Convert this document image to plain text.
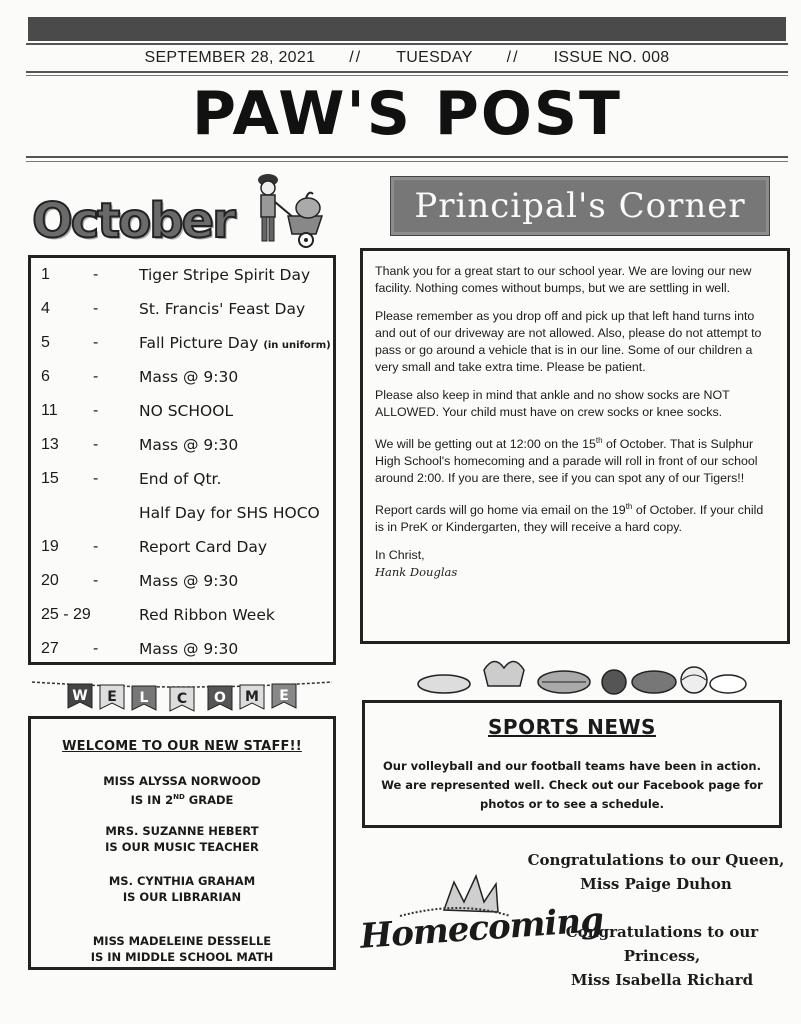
SEPTEMBER 28, 2021 // TUESDAY // ISSUE NO. 008
PAW'S POST
October
1	-	Tiger Stripe Spirit Day
4	-	St. Francis' Feast Day
5	-	Fall Picture Day (in uniform)
6	-	Mass @ 9:30
11 -	NO SCHOOL
13 -	Mass @ 9:30
15 -	End of Qtr.
Half Day for SHS HOCO
19 -	Report Card Day
20 -	Mass @ 9:30
25 - 29	Red Ribbon Week
27 -	Mass @ 9:30
W E L C O M E
WELCOME TO OUR NEW STAFF!!
MISS ALYSSA NORWOOD
IS IN 2ND GRADE
MRS. SUZANNE HEBERT
IS OUR MUSIC TEACHER
MS. CYNTHIA GRAHAM
IS OUR LIBRARIAN
MISS MADELEINE DESSELLE
IS IN MIDDLE SCHOOL MATH
Principal's Corner

Thank you for a great start to our school year. We are loving our new facility. Nothing comes without bumps, but we are settling in well.

Please remember as you drop off and pick up that left hand turns into and out of our driveway are not allowed. Also, please do not attempt to pass or go around a vehicle that is in our line. Some of our children a very small and take extra time. Please be patient.

Please also keep in mind that ankle and no show socks are NOT ALLOWED. Your child must have on crew socks or knee socks.

We will be getting out at 12:00 on the 15th of October. That is Sulphur High School's homecoming and a parade will roll in front of our school around 2:00. If you are there, see if you can spot any of our Tigers!!

Report cards will go home via email on the 19th of October. If your child is in PreK or Kindergarten, they will receive a hard copy.

In Christ,

Hank Douglas

SPORTS NEWS
Our volleyball and our football teams have been in action. We are represented well. Check out our Facebook page for photos or to see a schedule.
Homecoming
Congratulations to our Queen,
Miss Paige Duhon
Congratulations to our Princess,
Miss Isabella Richard
